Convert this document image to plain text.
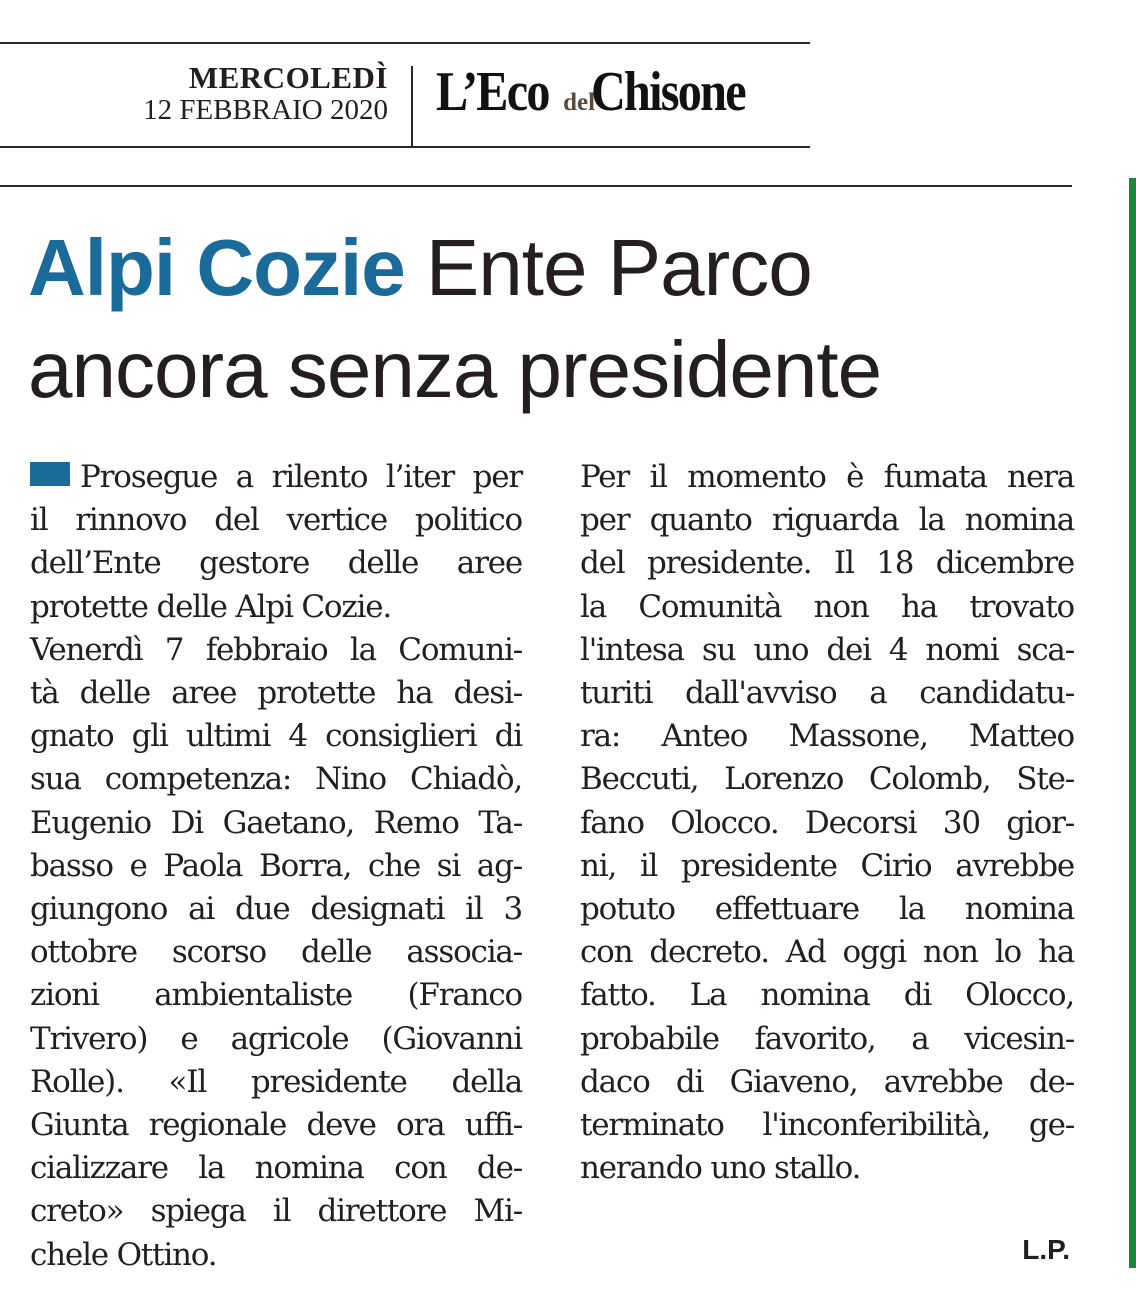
MERCOLEDÌ
12 FEBBRAIO 2020 L’Eco del
Chisone
Alpi Cozie Ente Parco
ancora senza presidente
Prosegue a rilento l’iter per
il rinnovo del vertice politico
dell’Ente gestore delle aree
protette delle Alpi Cozie.
Venerdì 7 febbraio la Comuni-
tà delle aree protette ha desi-
gnato gli ultimi 4 consiglieri di
sua competenza: Nino Chiadò,
Eugenio Di Gaetano, Remo Ta-
basso e Paola Borra, che si ag-
giungono ai due designati il 3
ottobre scorso delle associa-
zioni ambientaliste (Franco
Trivero) e agricole (Giovanni
Rolle). «Il presidente della
Giunta regionale deve ora uffi-
cializzare la nomina con de-
creto» spiega il direttore Mi-
chele Ottino.
Per il momento è fumata nera
per quanto riguarda la nomina
del presidente. Il 18 dicembre
la Comunità non ha trovato
l'intesa su uno dei 4 nomi sca-
turiti dall'avviso a candidatu-
ra: Anteo Massone, Matteo
Beccuti, Lorenzo Colomb, Ste-
fano Olocco. Decorsi 30 gior-
ni, il presidente Cirio avrebbe
potuto effettuare la nomina
con decreto. Ad oggi non lo ha
fatto. La nomina di Olocco,
probabile favorito, a vicesin-
daco di Giaveno, avrebbe de-
terminato l'inconferibilità, ge-
nerando uno stallo.
L.P.
